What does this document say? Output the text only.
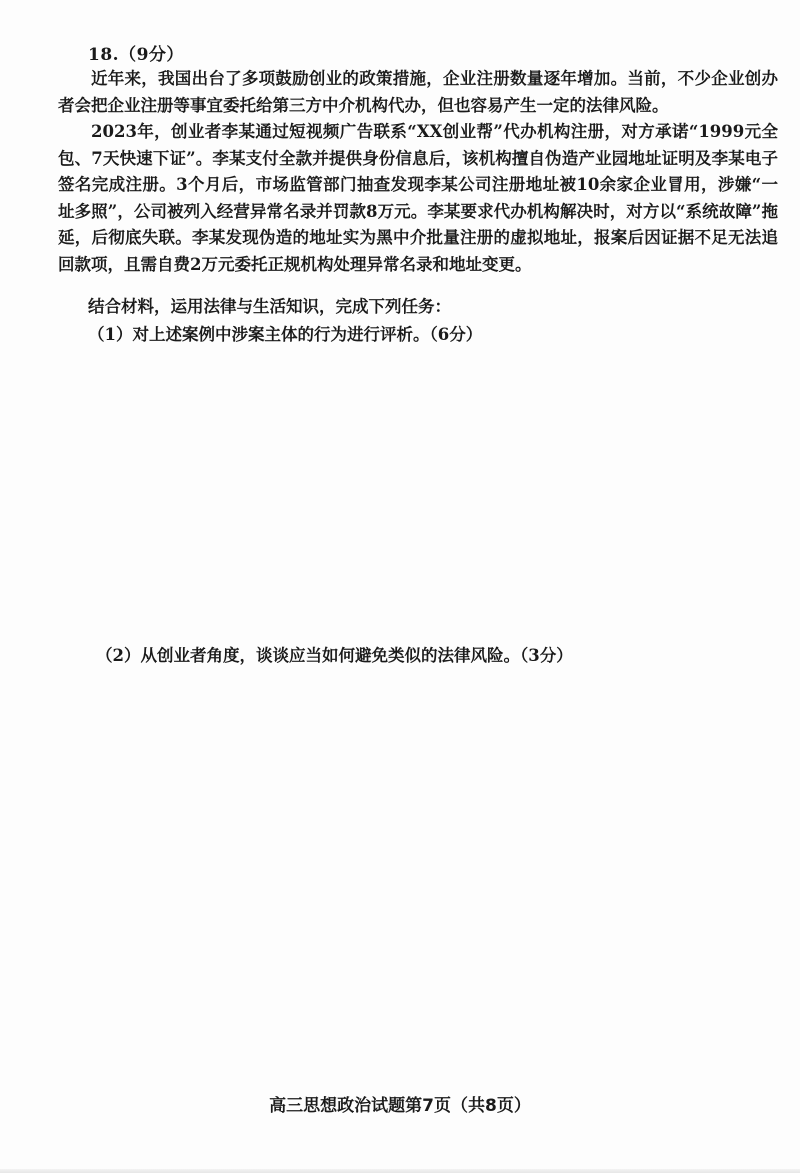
18.（9分）

近年来，我国出台了多项鼓励创业的政策措施，企业注册数量逐年增加。当前，不少企业创办者会把企业注册等事宜委托给第三方中介机构代办，但也容易产生一定的法律风险。

2023年，创业者李某通过短视频广告联系“XX创业帮”代办机构注册，对方承诺“1999元全包、7天快速下证”。李某支付全款并提供身份信息后，该机构擅自伪造产业园地址证明及李某电子签名完成注册。3个月后，市场监管部门抽查发现李某公司注册地址被10余家企业冒用，涉嫌“一址多照”，公司被列入经营异常名录并罚款8万元。李某要求代办机构解决时，对方以“系统故障”拖延，后彻底失联。李某发现伪造的地址实为黑中介批量注册的虚拟地址，报案后因证据不足无法追回款项，且需自费2万元委托正规机构处理异常名录和地址变更。

结合材料，运用法律与生活知识，完成下列任务：
（1）对上述案例中涉案主体的行为进行评析。（6分）
（2）从创业者角度，谈谈应当如何避免类似的法律风险。（3分）
高三思想政治试题第7页（共8页）
